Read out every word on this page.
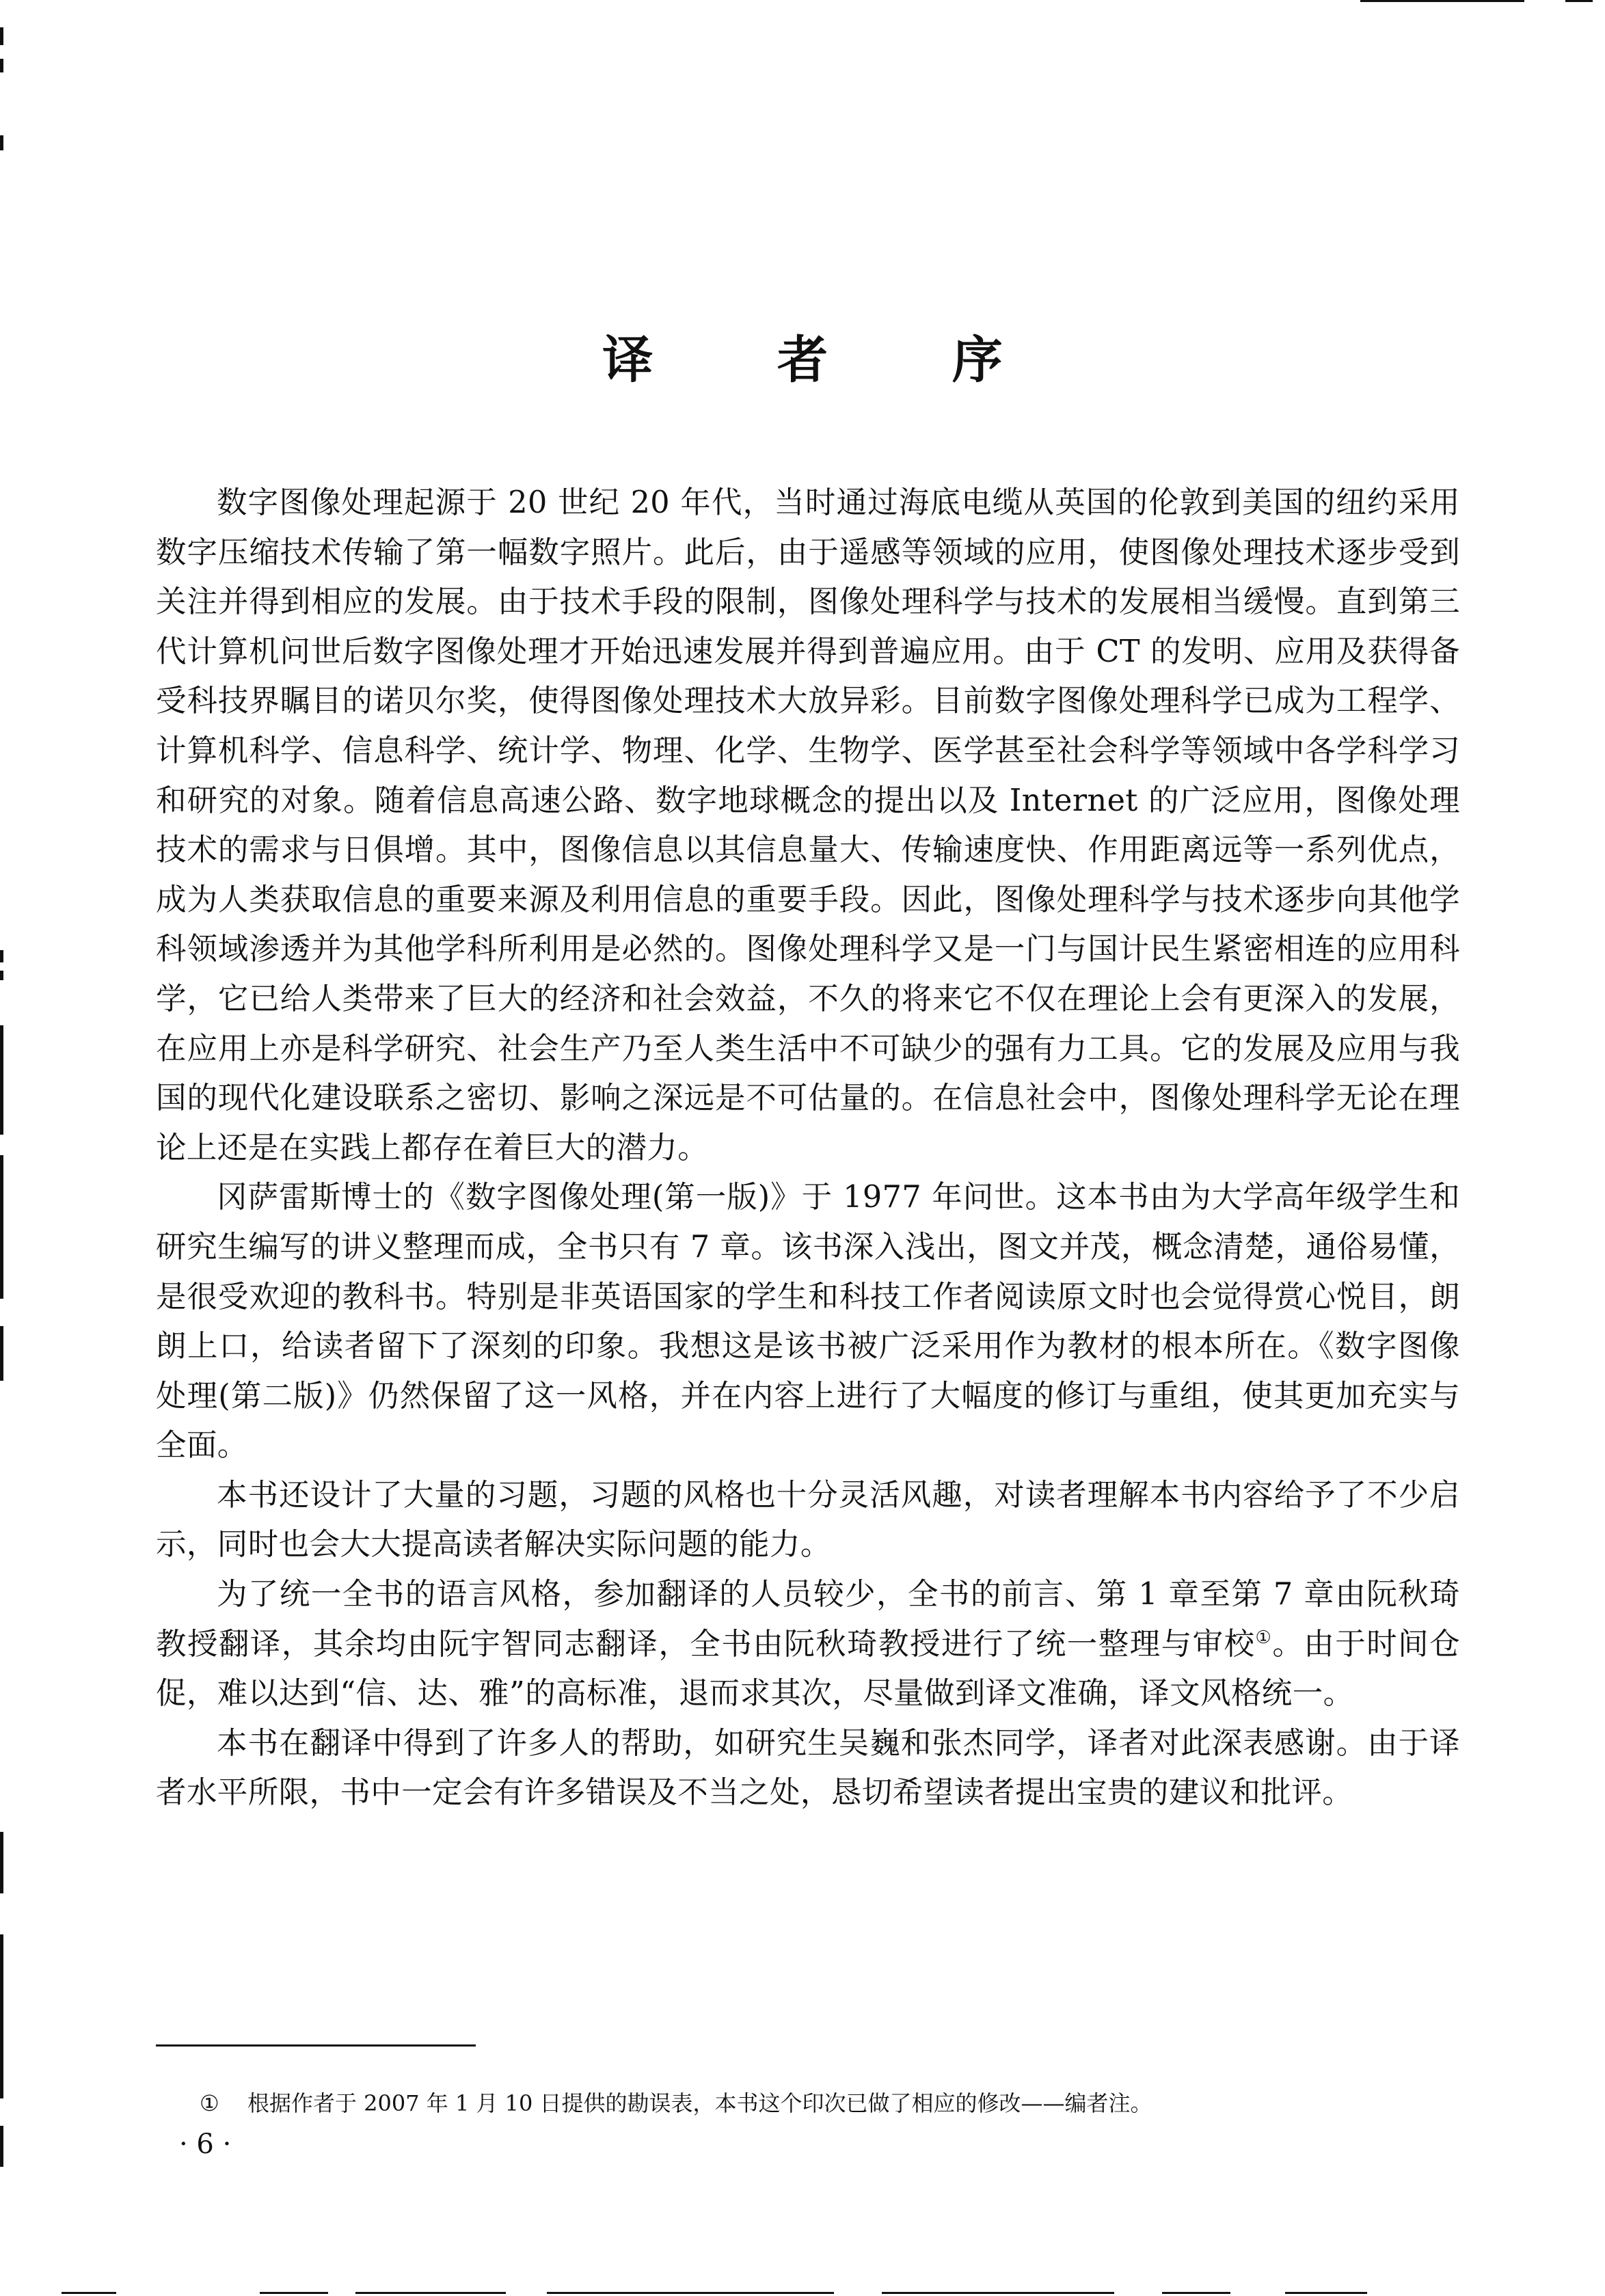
译 者 序

数字图像处理起源于 20 世纪 20 年代，当时通过海底电缆从英国的伦敦到美国的纽约采用数字压缩技术传输了第一幅数字照片。此后，由于遥感等领域的应用，使图像处理技术逐步受到关注并得到相应的发展。由于技术手段的限制，图像处理科学与技术的发展相当缓慢。直到第三代计算机问世后数字图像处理才开始迅速发展并得到普遍应用。由于 CT 的发明、应用及获得备受科技界瞩目的诺贝尔奖，使得图像处理技术大放异彩。目前数字图像处理科学已成为工程学、计算机科学、信息科学、统计学、物理、化学、生物学、医学甚至社会科学等领域中各学科学习和研究的对象。随着信息高速公路、数字地球概念的提出以及 Internet 的广泛应用，图像处理技术的需求与日俱增。其中，图像信息以其信息量大、传输速度快、作用距离远等一系列优点，成为人类获取信息的重要来源及利用信息的重要手段。因此，图像处理科学与技术逐步向其他学科领域渗透并为其他学科所利用是必然的。图像处理科学又是一门与国计民生紧密相连的应用科学，它已给人类带来了巨大的经济和社会效益，不久的将来它不仅在理论上会有更深入的发展，在应用上亦是科学研究、社会生产乃至人类生活中不可缺少的强有力工具。它的发展及应用与我国的现代化建设联系之密切、影响之深远是不可估量的。在信息社会中，图像处理科学无论在理论上还是在实践上都存在着巨大的潜力。

冈萨雷斯博士的《数字图像处理(第一版)》于 1977 年问世。这本书由为大学高年级学生和研究生编写的讲义整理而成，全书只有 7 章。该书深入浅出，图文并茂，概念清楚，通俗易懂，是很受欢迎的教科书。特别是非英语国家的学生和科技工作者阅读原文时也会觉得赏心悦目，朗朗上口，给读者留下了深刻的印象。我想这是该书被广泛采用作为教材的根本所在。《数字图像处理(第二版)》仍然保留了这一风格，并在内容上进行了大幅度的修订与重组，使其更加充实与全面。

本书还设计了大量的习题，习题的风格也十分灵活风趣，对读者理解本书内容给予了不少启示，同时也会大大提高读者解决实际问题的能力。

为了统一全书的语言风格，参加翻译的人员较少，全书的前言、第 1 章至第 7 章由阮秋琦教授翻译，其余均由阮宇智同志翻译，全书由阮秋琦教授进行了统一整理与审校①。由于时间仓促，难以达到“信、达、雅”的高标准，退而求其次，尽量做到译文准确，译文风格统一。

本书在翻译中得到了许多人的帮助，如研究生吴巍和张杰同学，译者对此深表感谢。由于译者水平所限，书中一定会有许多错误及不当之处，恳切希望读者提出宝贵的建议和批评。

① 根据作者于 2007 年 1 月 10 日提供的勘误表，本书这个印次已做了相应的修改——编者注。
· 6 ·
